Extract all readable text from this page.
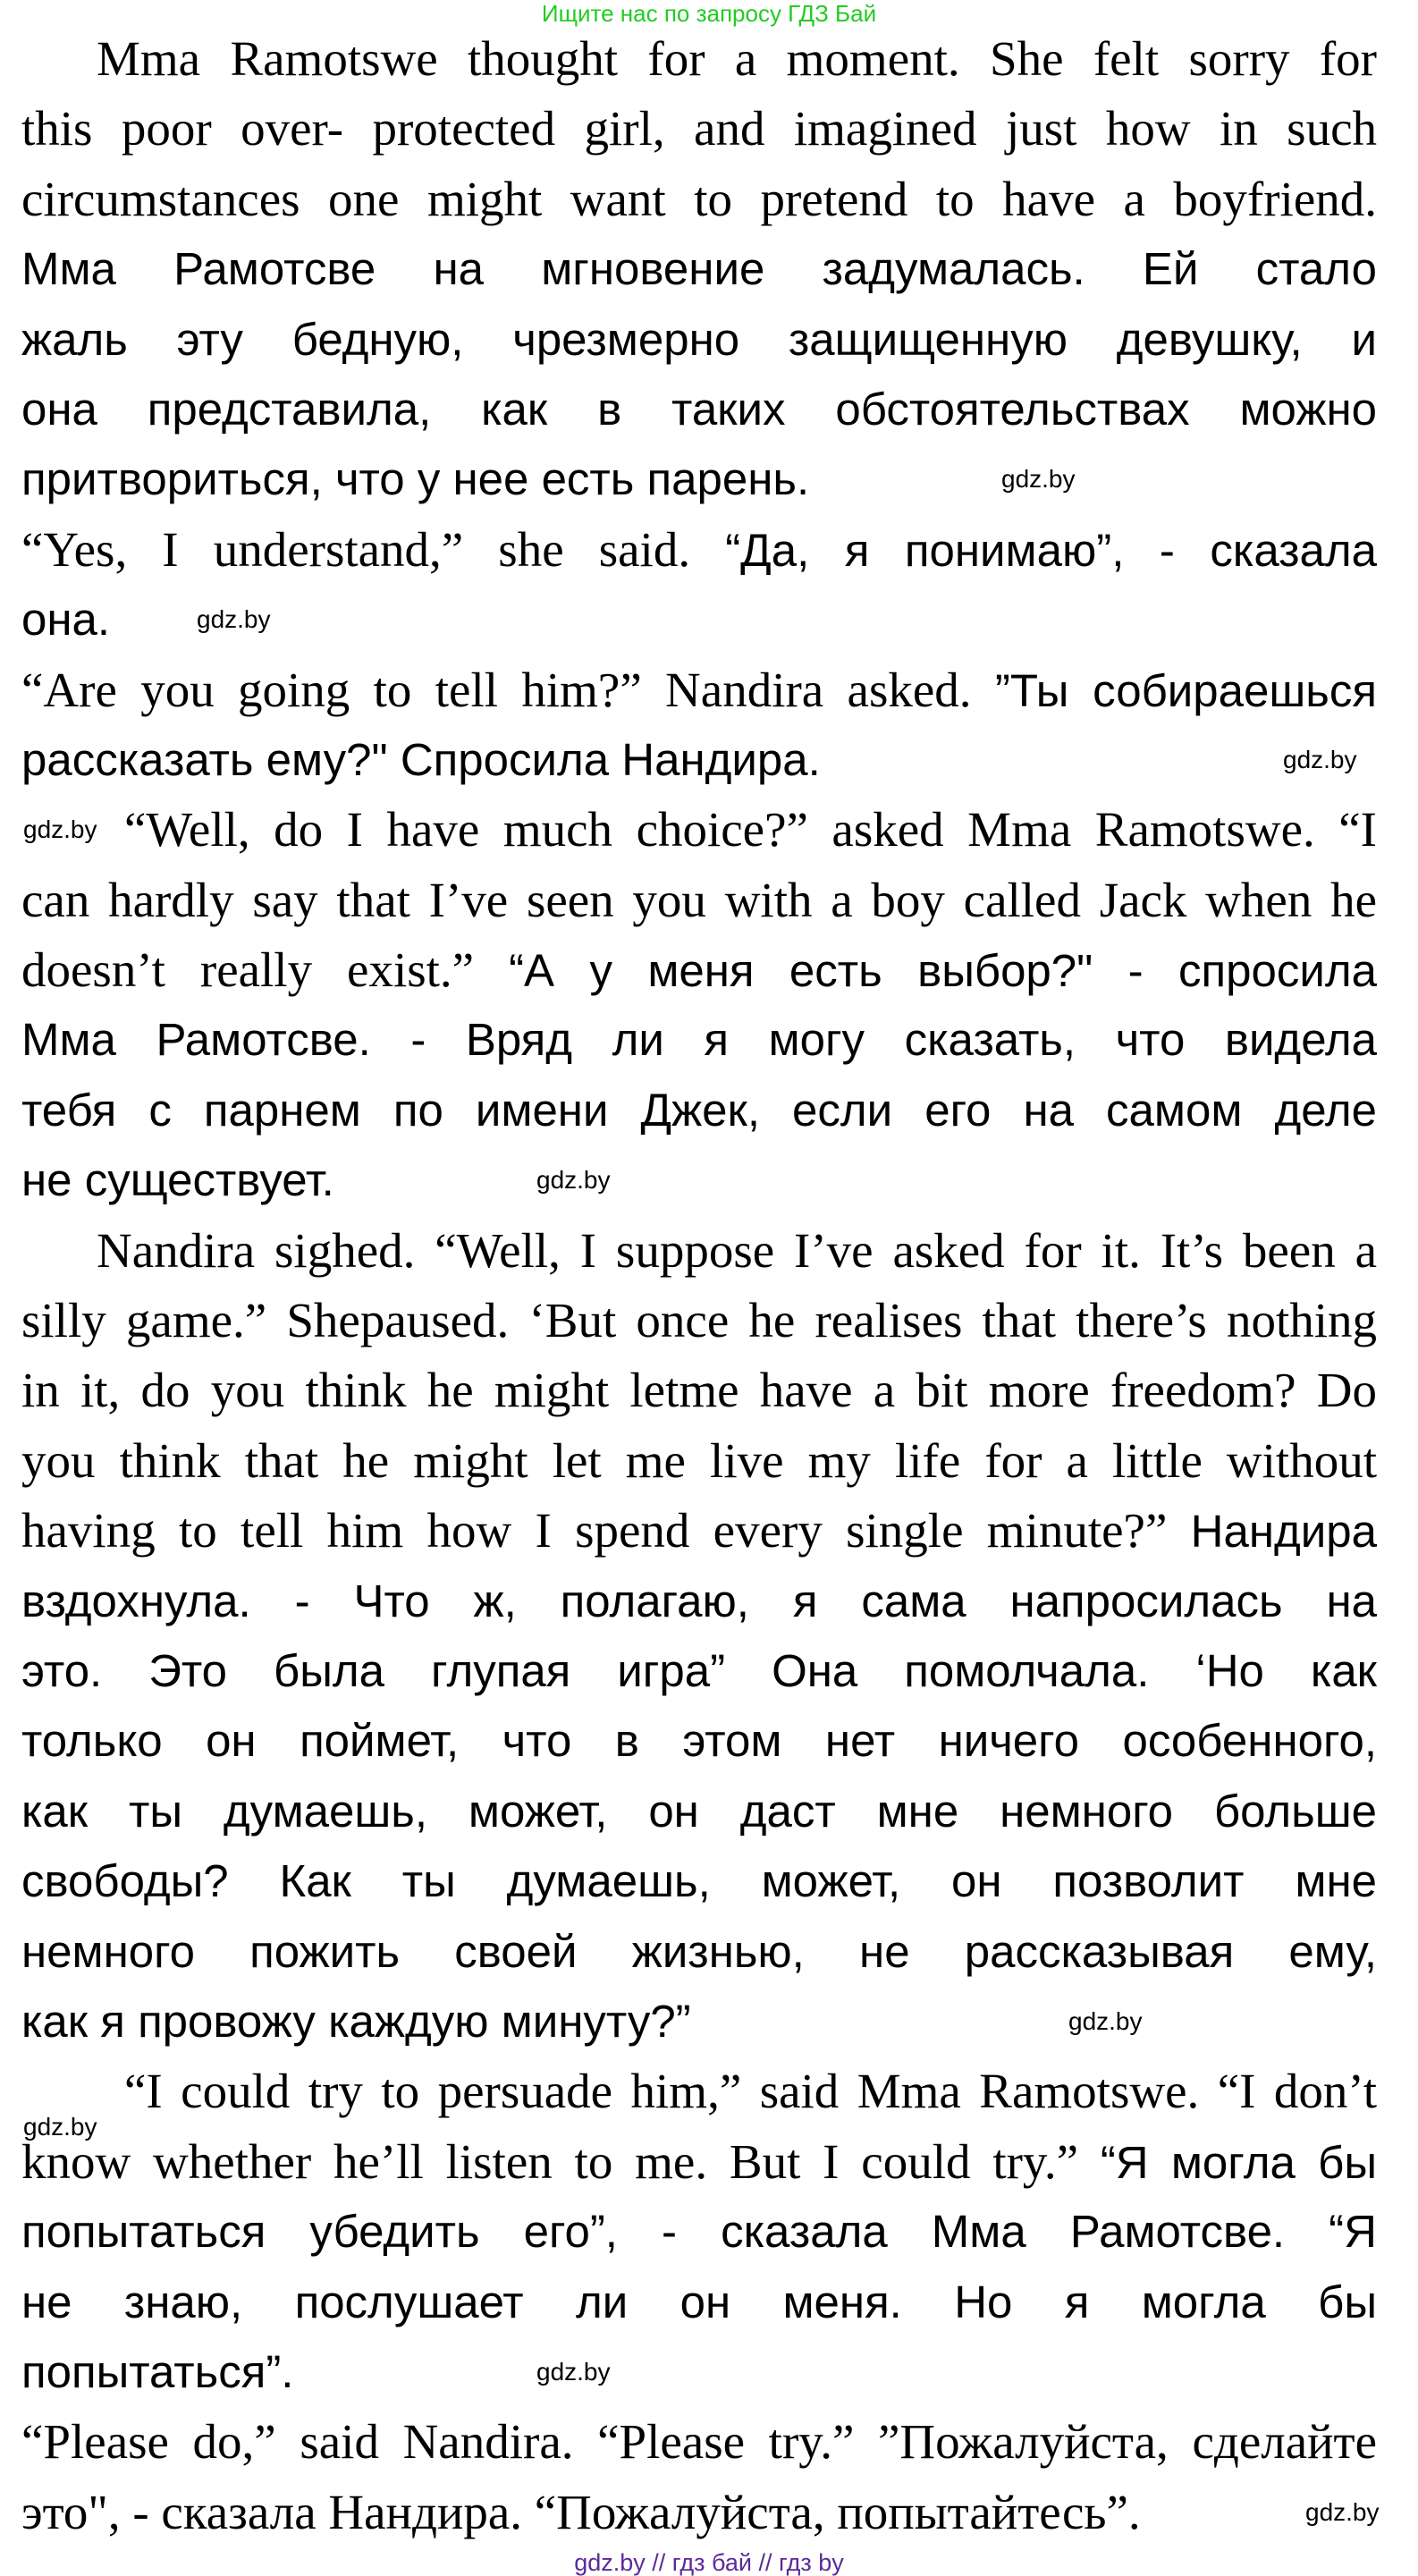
Ищите нас по запросу ГДЗ Бай
Mma Ramotswe thought for a moment. She felt sorry for
this poor over- protected girl, and imagined just how in such
circumstances one might want to pretend to have a boyfriend.
Мма Рамотсве на мгновение задумалась. Ей стало
жаль эту бедную, чрезмерно защищенную девушку, и
она представила, как в таких обстоятельствах можно
притвориться, что у нее есть парень.
“Yes, I understand,” she said. “Да, я понимаю”, - сказала
она.
“Are you going to tell him?” Nandira asked. ”Ты собираешься
рассказать ему?" Спросила Нандира.
“Well, do I have much choice?” asked Mma Ramotswe. “I
can hardly say that I’ve seen you with a boy called Jack when he
doesn’t really exist.” “А у меня есть выбор?" - спросила
Мма Рамотсве. - Вряд ли я могу сказать, что видела
тебя с парнем по имени Джек, если его на самом деле
не существует.
Nandira sighed. “Well, I suppose I’ve asked for it. It’s been a
silly game.” Shepaused. ‘But once he realises that there’s nothing
in it, do you think he might letme have a bit more freedom? Do
you think that he might let me live my life for a little without
having to tell him how I spend every single minute?” Нандира
вздохнула. - Что ж, полагаю, я сама напросилась на
это. Это была глупая игра” Она помолчала. ‘Но как
только он поймет, что в этом нет ничего особенного,
как ты думаешь, может, он даст мне немного больше
свободы? Как ты думаешь, может, он позволит мне
немного пожить своей жизнью, не рассказывая ему,
как я провожу каждую минуту?”
“I could try to persuade him,” said Mma Ramotswe. “I don’t
know whether he’ll listen to me. But I could try.” “Я могла бы
попытаться убедить его”, - сказала Мма Рамотсве. “Я
не знаю, послушает ли он меня. Но я могла бы
попытаться”.
“Please do,” said Nandira. “Please try.” ”Пожалуйста, сделайте
это", - сказала Нандира. “Пожалуйста, попытайтесь”.
gdz.by
gdz.by
gdz.by
gdz.by
gdz.by
gdz.by
gdz.by
gdz.by
gdz.by
gdz.by // гдз бай // гдз by
